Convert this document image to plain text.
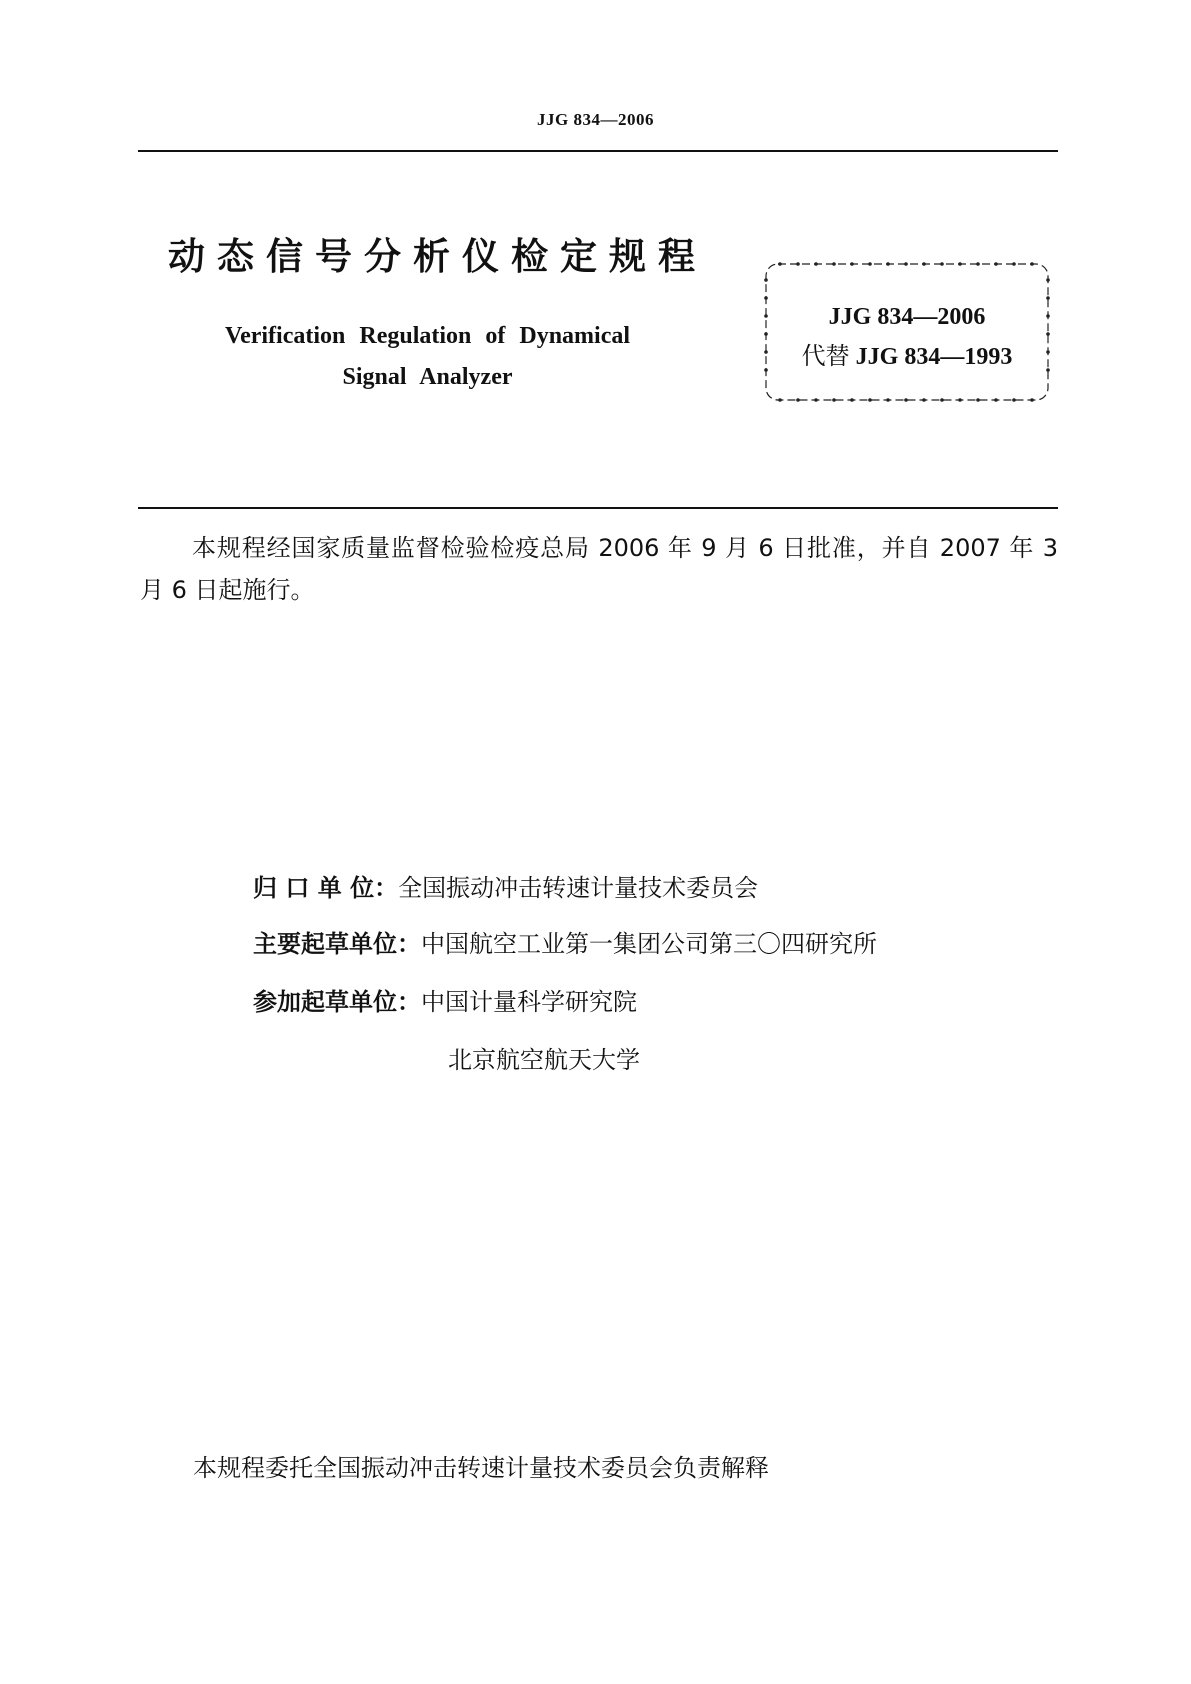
JJG 834—2006
动态信号分析仪检定规程
Verification Regulation of Dynamical
Signal Analyzer
JJG 834—2006
代替 JJG 834—1993
本规程经国家质量监督检验检疫总局 2006 年 9 月 6 日批准，并自 2007 年 3 月 6 日起施行。
归 口 单 位：全国振动冲击转速计量技术委员会
主要起草单位：中国航空工业第一集团公司第三〇四研究所
参加起草单位：中国计量科学研究院
北京航空航天大学
本规程委托全国振动冲击转速计量技术委员会负责解释
